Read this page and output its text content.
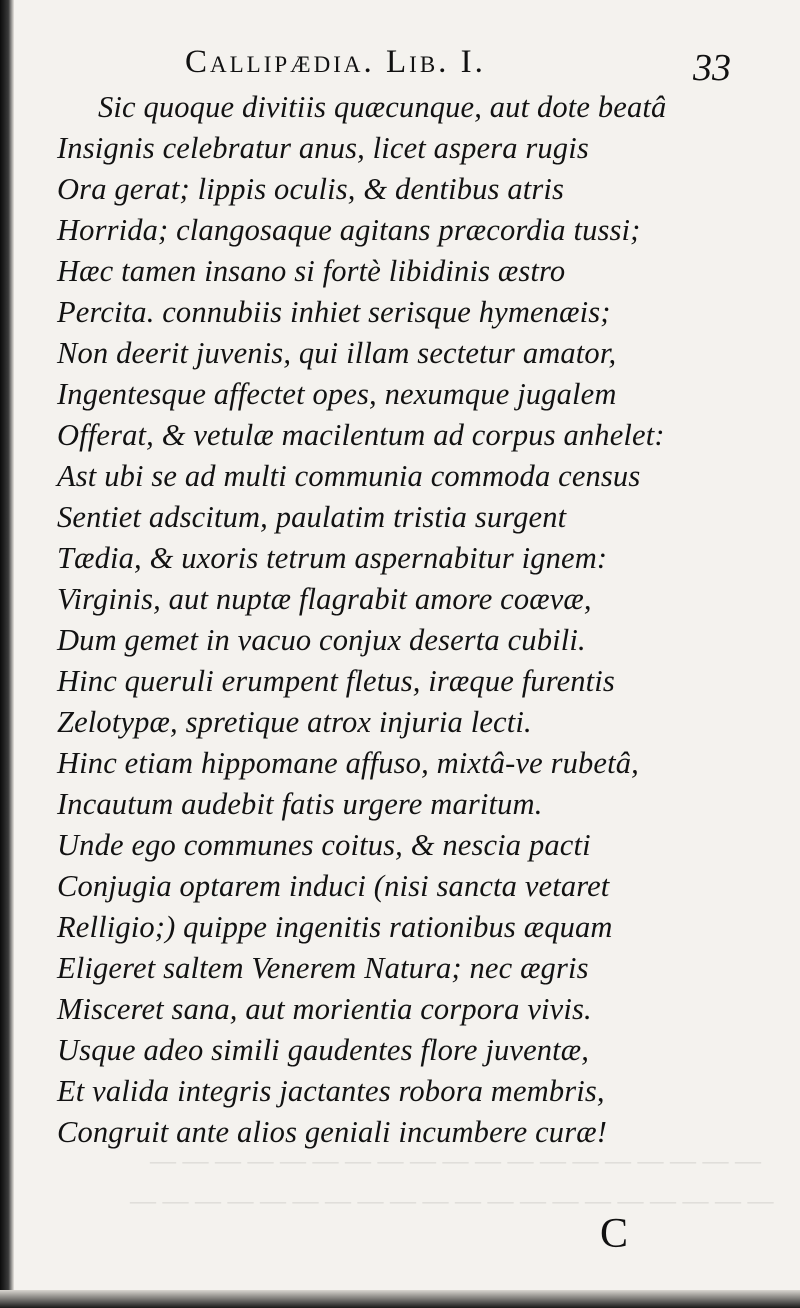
— — — — — — — — — — — — — — — — — — —
— — — — — — — — — — — — — — — — — — — —
Callipædia. Lib. I.	33
Sic quoque divitiis quæcunque, aut dote beatâ
Insignis celebratur anus, licet aspera rugis
Ora gerat; lippis oculis, & dentibus atris
Horrida; clangosaque agitans præcordia tussi;
Hæc tamen insano si fortè libidinis æstro
Percita. connubiis inhiet serisque hymenæis;
Non deerit juvenis, qui illam sectetur amator,
Ingentesque affectet opes, nexumque jugalem
Offerat, & vetulæ macilentum ad corpus anhelet:
Ast ubi se ad multi communia commoda census
Sentiet adscitum, paulatim tristia surgent
Tædia, & uxoris tetrum aspernabitur ignem:
Virginis, aut nuptæ flagrabit amore coævæ,
Dum gemet in vacuo conjux deserta cubili.
Hinc queruli erumpent fletus, iræque furentis
Zelotypæ, spretique atrox injuria lecti.
Hinc etiam hippomane affuso, mixtâ-ve rubetâ,
Incautum audebit fatis urgere maritum.
Unde ego communes coitus, & nescia pacti
Conjugia optarem induci (nisi sancta vetaret
Relligio;) quippe ingenitis rationibus æquam
Eligeret saltem Venerem Natura; nec ægris
Misceret sana, aut morientia corpora vivis.
Usque adeo simili gaudentes flore juventæ,
Et valida integris jactantes robora membris,
Congruit ante alios geniali incumbere curæ!
C
